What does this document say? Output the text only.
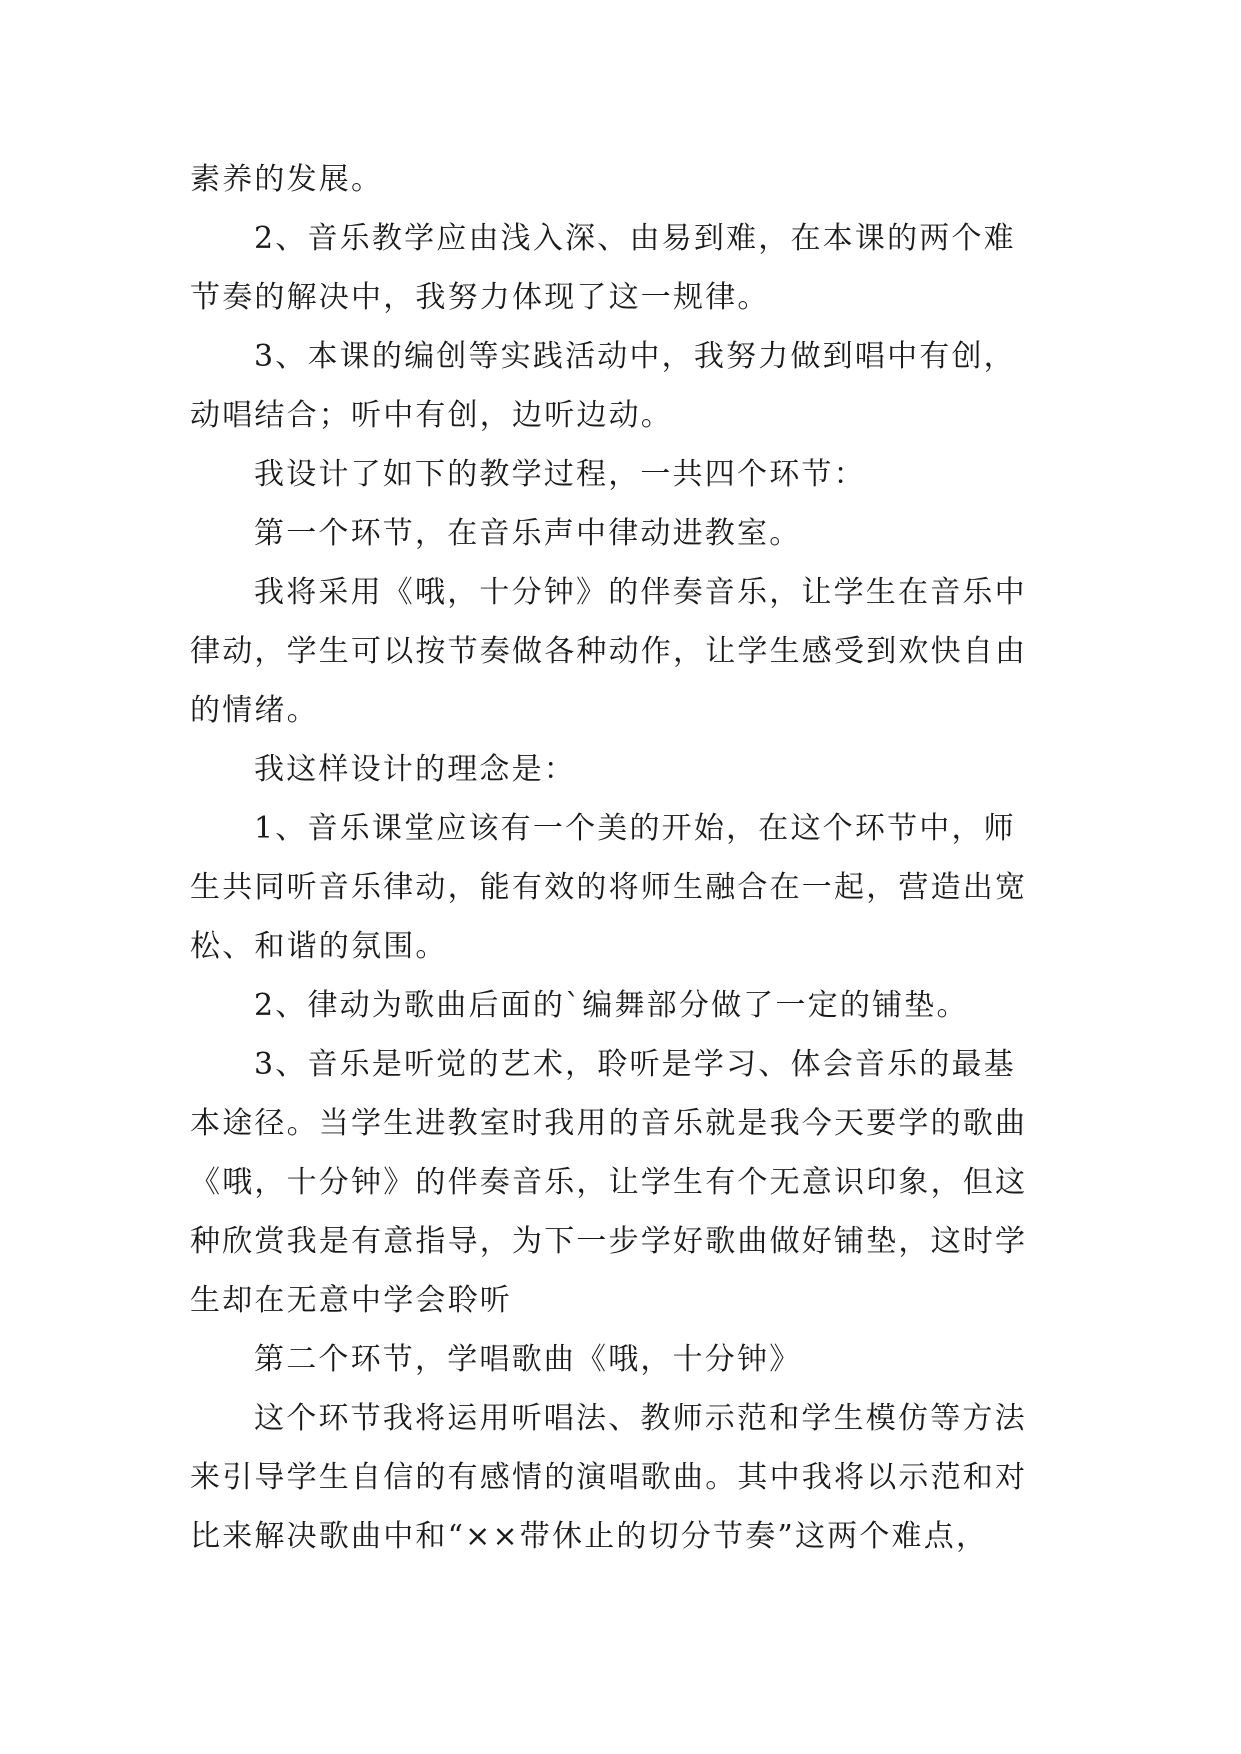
素养的发展。
2、音乐教学应由浅入深、由易到难，在本课的两个难
节奏的解决中，我努力体现了这一规律。
3、本课的编创等实践活动中，我努力做到唱中有创，
动唱结合；听中有创，边听边动。
我设计了如下的教学过程，一共四个环节：
第一个环节，在音乐声中律动进教室。
我将采用《哦，十分钟》的伴奏音乐，让学生在音乐中
律动，学生可以按节奏做各种动作，让学生感受到欢快自由
的情绪。
我这样设计的理念是：
1、音乐课堂应该有一个美的开始，在这个环节中，师
生共同听音乐律动，能有效的将师生融合在一起，营造出宽
松、和谐的氛围。
2、律动为歌曲后面的`编舞部分做了一定的铺垫。
3、音乐是听觉的艺术，聆听是学习、体会音乐的最基
本途径。当学生进教室时我用的音乐就是我今天要学的歌曲
《哦，十分钟》的伴奏音乐，让学生有个无意识印象，但这
种欣赏我是有意指导，为下一步学好歌曲做好铺垫，这时学
生却在无意中学会聆听
第二个环节，学唱歌曲《哦，十分钟》
这个环节我将运用听唱法、教师示范和学生模仿等方法
来引导学生自信的有感情的演唱歌曲。其中我将以示范和对
比来解决歌曲中和“××带休止的切分节奏”这两个难点，
